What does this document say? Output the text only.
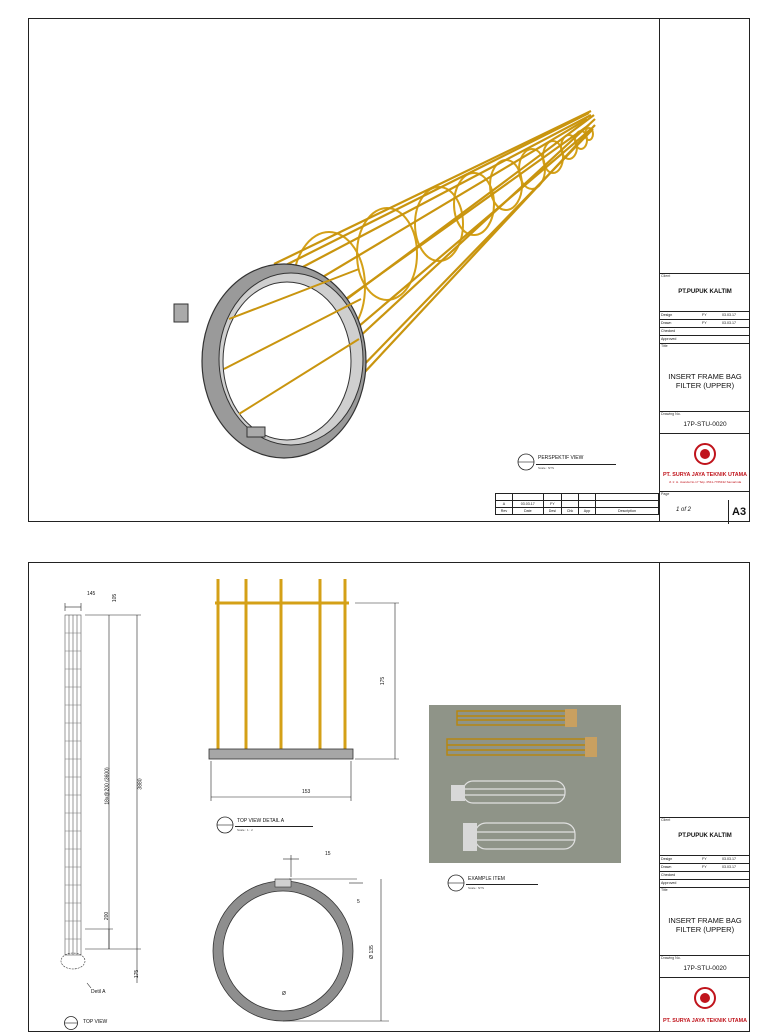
PERSPEKTIF VIEW
Scale : NTS

A	03.03.17	FY			
Rev	Date	Desi	Chk	App	Description
Client
PT.PUPUK KALTIM
Design	FY	03.03.17
Drawn	FY	03.03.17
Checked
Approved
Title
INSERT FRAME BAG
FILTER (UPPER)
Drawing No.
17P-STU-0020
PT. SURYA JAYA TEKNIK UTAMA
Jl. Ir. H. Juanda No.17 Telp. 0541-7765432 Samarinda
Page
1 of 2	A3
145	105
18x@200 (3600)	3880
200
175
Detil A
175
153
TOP VIEW DETAIL A
Scale : 1 : 2
15
5
Ø 135
Ø
EXAMPLE ITEM
Scale : NTS
TOP VIEW
Client
PT.PUPUK KALTIM
Design	FY	03.03.17
Drawn	FY	03.03.17
Checked
Approved
Title
INSERT FRAME BAG
FILTER (UPPER)
Drawing No.
17P-STU-0020
PT. SURYA JAYA TEKNIK UTAMA
